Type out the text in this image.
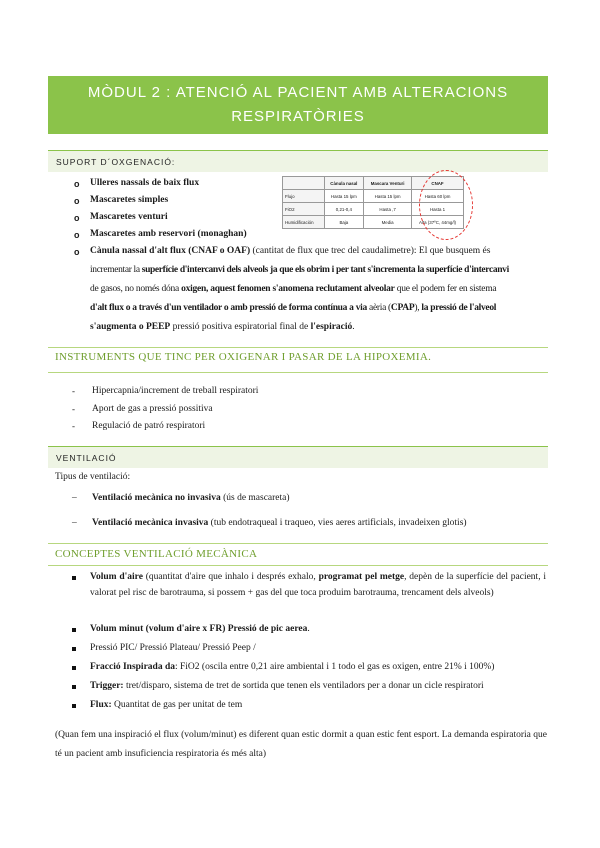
MÒDUL 2 : ATENCIÓ AL PACIENT AMB ALTERACIONS
RESPIRATÒRIES
SUPORT D´OXGENACIÓ:
o Ulleres nassals de baix flux
o Mascaretes simples
o Mascaretes venturi
o Mascaretes amb reservori (monaghan)
	Cànula nasal	Mascara Venturi	CNAF
Flujo	Hasta 15 lpm	Hasta 15 lpm	Hasta 60 lpm
FiO2	0,21-0,4	Hasta ,7	Hasta 1
Humidificación	Baja	Media	Alta (37ºC, 44mg/l)
o Cànula nassal d'alt flux (CNAF o OAF) (cantitat de flux que trec del caudalimetre): El que busquem és
incrementar la superfície d'intercanvi dels alveols ja que els obrim i per tant s'incrementa la superfície d'intercanvi
de gasos, no només dóna oxigen, aquest fenomen s'anomena reclutament alveolar que el podem fer en sistema
d'alt flux o a través d'un ventilador o amb pressió de forma contínua a via aèria (CPAP), la pressió de l'alveol
s'augmenta o PEEP pressió positiva espiratorial final de l'espiració.
INSTRUMENTS QUE TINC PER OXIGENAR I PASAR DE LA HIPOXEMIA.
- Hipercapnia/increment de treball respiratori
- Aport de gas a pressió possitiva
- Regulació de patró respiratori
VENTILACIÓ
Tipus de ventilació:
– Ventilació mecànica no invasiva (ús de mascareta)
– Ventilació mecànica invasiva (tub endotraqueal i traqueo, vies aeres artificials, invadeixen glotis)
CONCEPTES VENTILACIÓ MECÀNICA
Volum d'aire (quantitat d'aire que inhalo i després exhalo, programat pel metge, depèn de la superfície del pacient, i valorat pel risc de barotrauma, si possem + gas del que toca produim barotrauma, trencament dels alveols)
Volum minut (volum d'aire x FR) Pressió de pic aerea.
Pressió PIC/ Pressió Plateau/ Pressió Peep /
Fracció Inspirada da: FiO2 (oscila entre 0,21 aire ambiental i 1 todo el gas es oxigen, entre 21% i 100%)
Trigger: tret/disparo, sistema de tret de sortida que tenen els ventiladors per a donar un cicle respiratori
Flux: Quantitat de gas per unitat de tem
(Quan fem una inspiració el flux (volum/minut) es diferent quan estic dormit a quan estic fent esport. La demanda espiratoria que té un pacient amb insuficiencia respiratoria és més alta)
